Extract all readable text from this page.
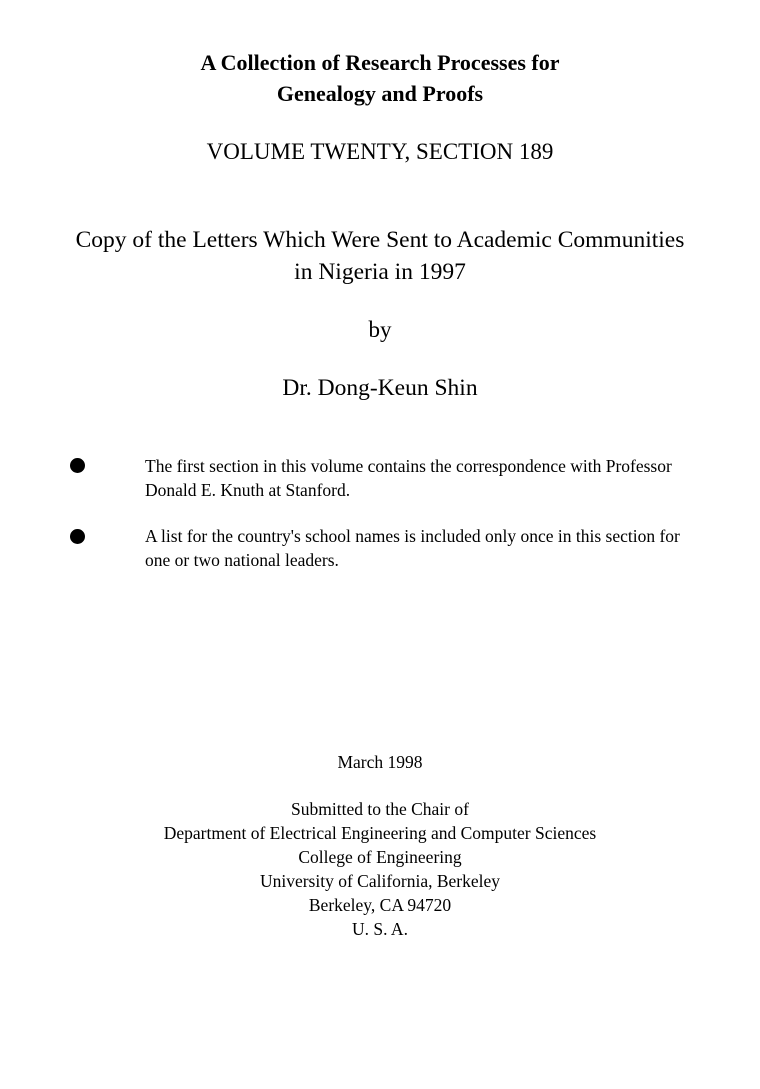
A Collection of Research Processes for
Genealogy and Proofs
VOLUME TWENTY, SECTION 189
Copy of the Letters Which Were Sent to Academic Communities
in Nigeria in 1997
by
Dr. Dong-Keun Shin
The first section in this volume contains the correspondence with Professor
Donald E. Knuth at Stanford.
A list for the country's school names is included only once in this section for
one or two national leaders.
March 1998
Submitted to the Chair of
Department of Electrical Engineering and Computer Sciences
College of Engineering
University of California, Berkeley
Berkeley, CA 94720
U. S. A.
